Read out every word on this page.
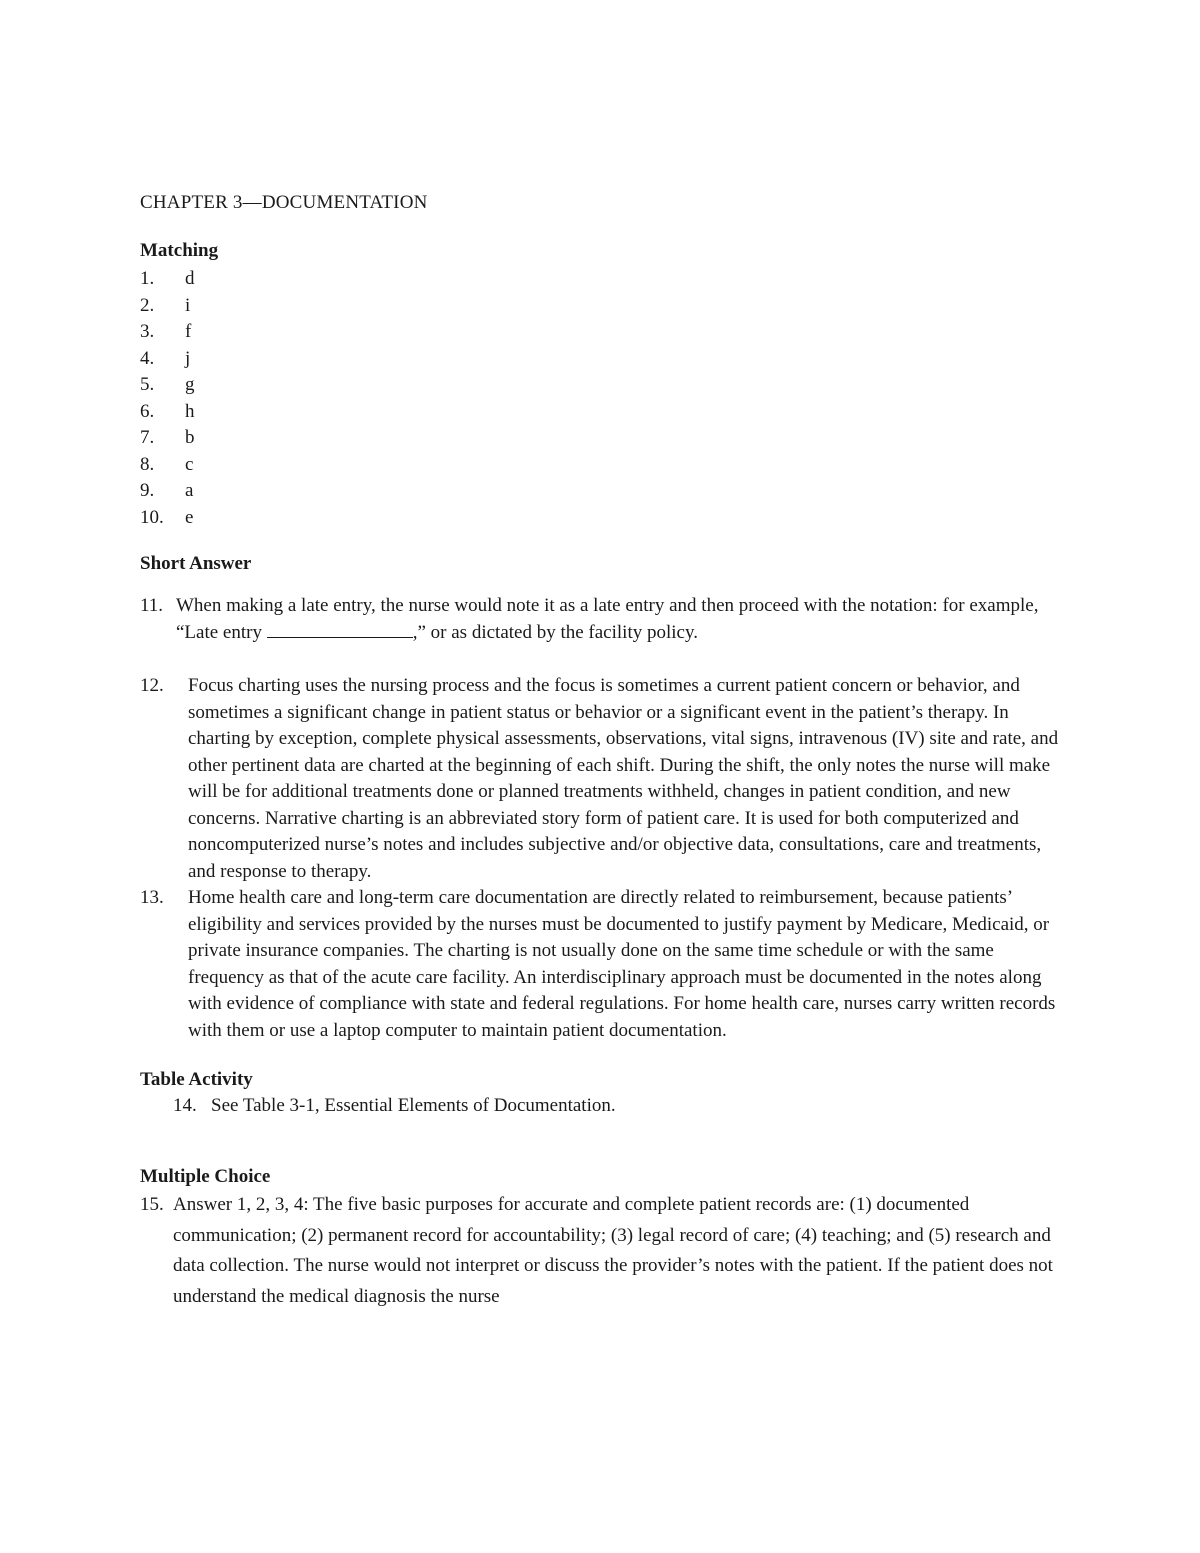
CHAPTER 3—DOCUMENTATION
Matching
1.	d
2.	i
3.	f
4.	j
5.	g
6.	h
7.	b
8.	c
9.	a
10.	e
Short Answer
11. When making a late entry, the nurse would note it as a late entry and then proceed with the notation: for example, “Late entry	,” or as dictated by the facility policy.
12.	Focus charting uses the nursing process and the focus is sometimes a current patient concern or behavior, and sometimes a significant change in patient status or behavior or a significant event in the patient’s therapy. In charting by exception, complete physical assessments, observations, vital signs, intravenous (IV) site and rate, and other pertinent data are charted at the beginning of each shift. During the shift, the only notes the nurse will make will be for additional treatments done or planned treatments withheld, changes in patient condition, and new concerns. Narrative charting is an abbreviated story form of patient care. It is used for both computerized and noncomputerized nurse’s notes and includes subjective and/or objective data, consultations, care and treatments, and response to therapy.
13.	Home health care and long-term care documentation are directly related to reimbursement, because patients’ eligibility and services provided by the nurses must be documented to justify payment by Medicare, Medicaid, or private insurance companies. The charting is not usually done on the same time schedule or with the same frequency as that of the acute care facility. An interdisciplinary approach must be documented in the notes along with evidence of compliance with state and federal regulations. For home health care, nurses carry written records with them or use a laptop computer to maintain patient documentation.
Table Activity
14. See Table 3-1, Essential Elements of Documentation.
Multiple Choice
15. Answer 1, 2, 3, 4: The five basic purposes for accurate and complete patient records are: (1) documented communication; (2) permanent record for accountability; (3) legal record of care; (4) teaching; and (5) research and data collection. The nurse would not interpret or discuss the provider’s notes with the patient. If the patient does not understand the medical diagnosis the nurse
